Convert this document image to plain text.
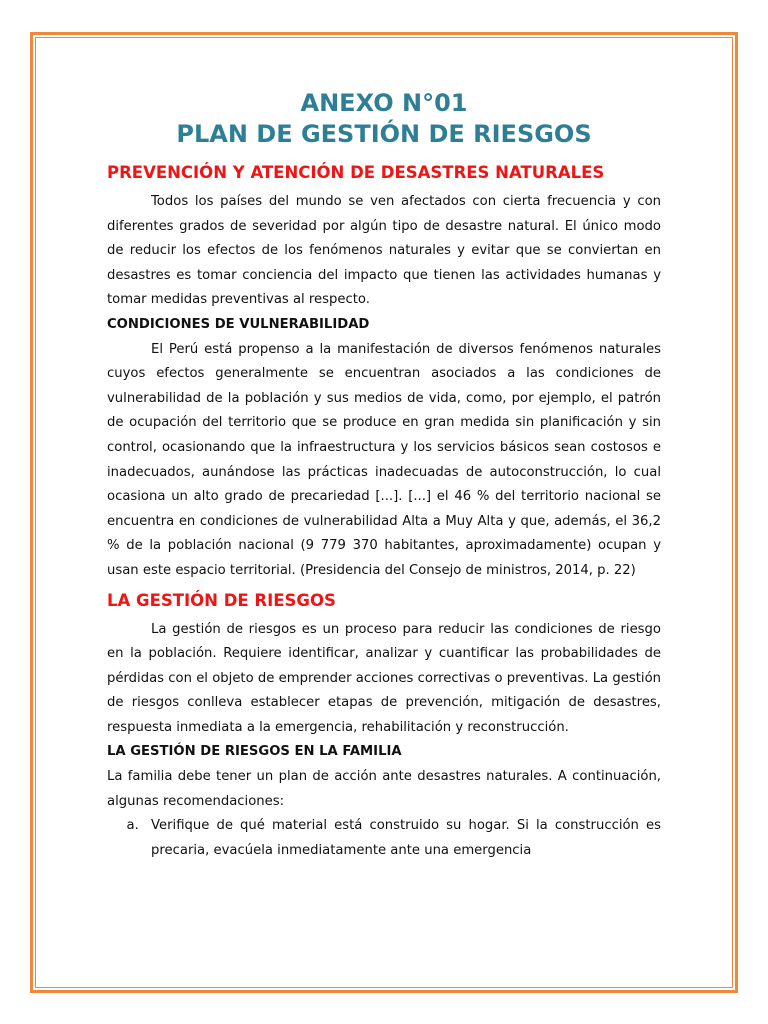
ANEXO N°01
PLAN DE GESTIÓN DE RIESGOS
PREVENCIÓN Y ATENCIÓN DE DESASTRES NATURALES

Todos los países del mundo se ven afectados con cierta frecuencia y con diferentes grados de severidad por algún tipo de desastre natural. El único modo de reducir los efectos de los fenómenos naturales y evitar que se conviertan en desastres es tomar conciencia del impacto que tienen las actividades humanas y tomar medidas preventivas al respecto.

CONDICIONES DE VULNERABILIDAD

El Perú está propenso a la manifestación de diversos fenómenos naturales cuyos efectos generalmente se encuentran asociados a las condiciones de vulnerabilidad de la población y sus medios de vida, como, por ejemplo, el patrón de ocupación del territorio que se produce en gran medida sin planificación y sin control, ocasionando que la infraestructura y los servicios básicos sean costosos e inadecuados, aunándose las prácticas inadecuadas de autoconstrucción, lo cual ocasiona un alto grado de precariedad [...]. [...] el 46 % del territorio nacional se encuentra en condiciones de vulnerabilidad Alta a Muy Alta y que, además, el 36,2 % de la población nacional (9 779 370 habitantes, aproximadamente) ocupan y usan este espacio territorial. (Presidencia del Consejo de ministros, 2014, p. 22)

LA GESTIÓN DE RIESGOS

La gestión de riesgos es un proceso para reducir las condiciones de riesgo en la población. Requiere identificar, analizar y cuantificar las probabilidades de pérdidas con el objeto de emprender acciones correctivas o preventivas. La gestión de riesgos conlleva establecer etapas de prevención, mitigación de desastres, respuesta inmediata a la emergencia, rehabilitación y reconstrucción.

LA GESTIÓN DE RIESGOS EN LA FAMILIA

La familia debe tener un plan de acción ante desastres naturales. A continuación, algunas recomendaciones:

a. Verifique de qué material está construido su hogar. Si la construcción es precaria, evacúela inmediatamente ante una emergencia
